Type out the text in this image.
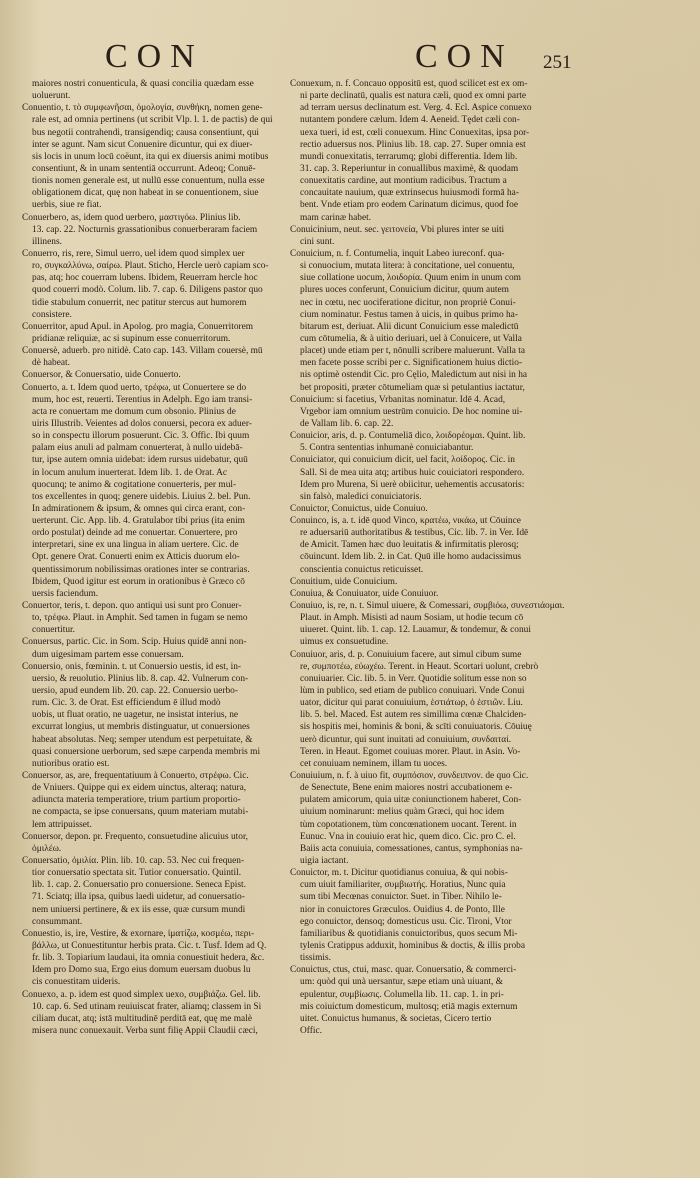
CON	CON 251

maiores nostri conuenticula, & quasi concilia quædam esse

uoluerunt.

Conuentio, t. τὸ συμφωνῆσαι, ὁμολογία, συνθήκη, nomen gene-

rale est, ad omnia pertinens (ut scribit Vlp. l. 1. de pactis) de qui

bus negotii contrahendi, transigendiq; causa consentiunt, qui

inter se agunt. Nam sicut Conuenire dicuntur, qui ex diuer-

sis locis in unum locū coëunt, ita qui ex diuersis animi motibus

consentiunt, & in unam sententiā occurrunt. Adeoq; Conuē-

tionis nomen generale est, ut nullū esse conuentum, nulla esse

obligationem dicat, quę non habeat in se conuentionem, siue

uerbis, siue re fiat.

Conuerbero, as, idem quod uerbero, μαστιγόω. Plinius lib.

13. cap. 22. Nocturnis grassationibus conuerberaram faciem

illinens.

Conuerro, ris, rere, Simul uerro, uel idem quod simplex uer

ro, συγκαλλύνω, σαίρω. Plaut. Sticho, Hercle uerò capiam sco-

pas, atq; hoc couerram lubens. Ibidem, Reuerram hercle hoc

quod couerri modò. Colum. lib. 7. cap. 6. Diligens pastor quo

tidie stabulum conuerrit, nec patitur stercus aut humorem

consistere.

Conuerritor, apud Apul. in Apolog. pro magia, Conuerritorem

pridianæ reliquiæ, ac si supinum esse conuerritorum.

Conuersè, aduerb. pro nitidè. Cato cap. 143. Villam couersè, mū

dè habeat.

Conuersor, & Conuersatio, uide Conuerto.

Conuerto, a. t. Idem quod uerto, τρέφω, ut Conuertere se do

mum, hoc est, reuerti. Terentius in Adelph. Ego iam transi-

acta re conuertam me domum cum obsonio. Plinius de

uiris Illustrib. Veientes ad dolos conuersi, pecora ex aduer-

so in conspectu illorum posuerunt. Cic. 3. Offic. Ibi quum

palam eius anuli ad palmam conuerterat, à nullo uidebā-

tur, ipse autem omnia uidebat: idem rursus uidebatur, quū

in locum anulum inuerterat. Idem lib. 1. de Orat. Ac

quocunq; te animo & cogitatione conuerteris, per mul-

tos excellentes in quoq; genere uidebis. Liuius 2. bel. Pun.

In admirationem & ipsum, & omnes qui circa erant, con-

uerterunt. Cic. App. lib. 4. Gratulabor tibi prius (ita enim

ordo postulat) deinde ad me conuertar. Conuertere, pro

interpretari, sine ex una lingua in aliam uertere. Cic. de

Opt. genere Orat. Conuerti enim ex Atticis duorum elo-

quentissimorum nobilissimas orationes inter se contrarias.

Ibidem, Quod igitur est eorum in orationibus è Græco cō

uersis faciendum.

Conuertor, teris, t. depon. quo antiqui usi sunt pro Conuer-

to, τρέφω. Plaut. in Amphit. Sed tamen in fugam se nemo

conuertitur.

Conuersus, partic. Cic. in Som. Scip. Huius quidē anni non-

dum uigesimam partem esse conuersam.

Conuersio, onis, fœminin. t. ut Conuersio uestis, id est, in-

uersio, & reuolutio. Plinius lib. 8. cap. 42. Vulnerum con-

uersio, apud eundem lib. 20. cap. 22. Conuersio uerbo-

rum. Cic. 3. de Orat. Est efficiendum ē illud modò

uobis, ut fluat oratio, ne uagetur, ne insistat interius, ne

excurrat longius, ut membris distinguatur, ut conuersiones

habeat absolutas. Neq; semper utendum est perpetuitate, &

quasi conuersione uerborum, sed sæpe carpenda membris mi

nutioribus oratio est.

Conuersor, as, are, frequentatiuum à Conuerto, στρέφω. Cic.

de Vniuers. Quippe qui ex eidem uinctus, alteraq; natura,

adiuncta materia temperatiore, trium partium proportio-

ne compacta, se ipse conuersans, quum materiam mutabi-

lem attripuisset.

Conuersor, depon. pr. Frequento, consuetudine alicuius utor,

ὁμιλέω.

Conuersatio, ὁμιλία. Plin. lib. 10. cap. 53. Nec cui frequen-

tior conuersatio spectata sit. Tutior conuersatio. Quintil.

lib. 1. cap. 2. Conuersatio pro conuersione. Seneca Epist.

71. Sciatq; illa ipsa, quibus laedi uidetur, ad conuersatio-

nem uniuersi pertinere, & ex iis esse, quæ cursum mundi

consummant.

Conuestio, is, ire, Vestire, & exornare, ἱματίζω, κοσμέω, περι-

βάλλω, ut Conuestituntur herbis prata. Cic. t. Tusf. Idem ad Q.

fr. lib. 3. Topiarium laudaui, ita omnia conuestiuit hedera, &c.

Idem pro Domo sua, Ergo eius domum euersam duobus lu

cis conuestitam uideris.

Conuexo, a. p. idem est quod simplex uexo, συμβιάζω. Gel. lib.

10. cap. 6. Sed utinam reuiuiscat frater, aliamq; classem in Si

ciliam ducat, atq; istā multitudinē perditā eat, quę me malè

misera nunc conuexauit. Verba sunt filię Appii Claudii cæci,

Conuexum, n. f. Concauo oppositū est, quod scilicet est ex om-

ni parte declinatū, qualis est natura cæli, quod ex omni parte

ad terram uersus declinatum est. Verg. 4. Ecl. Aspice conuexo

nutantem pondere cælum. Idem 4. Aeneid. Tędet cæli con-

uexa tueri, id est, cœli conuexum. Hinc Conuexitas, ipsa por-

rectio aduersus nos. Plinius lib. 18. cap. 27. Super omnia est

mundi conuexitatis, terrarumq; globi differentia. Idem lib.

31. cap. 3. Reperiuntur in conuallibus maximè, & quodam

conuexitatis cardine, aut montium radicibus. Tractum a

concauitate nauium, quæ extrinsecus huiusmodi formā ha-

bent. Vnde etiam pro eodem Carinatum dicimus, quod foe

mam carinæ habet.

Conuicinium, neut. sec. γειτονεία, Vbi plures inter se uiti

cini sunt.

Conuicium, n. f. Contumelia, inquit Labeo iureconf. qua-

si conuocium, mutata litera: à concitatione, uel conuentu,

siue collatione uocum, λοιδορία. Quum enim in unum com

plures uoces conferunt, Conuicium dicitur, quum autem

nec in cœtu, nec uociferatione dicitur, non propriè Conui-

cium nominatur. Festus tamen à uicis, in quibus primo ha-

bitarum est, deriuat. Alii dicunt Conuicium esse maledictū

cum cōtumelia, & à uitio deriuari, uel à Conuicere, ut Valla

placet) unde etiam per t, nōnulli scribere maluerunt. Valla ta

men facete posse scribi per c. Significationem huius dictio-

nis optimè ostendit Cic. pro Cęlio, Maledictum aut nisi in ha

bet propositi, præter cōtumeliam quæ si petulantius iactatur,

Conuicium: si facetius, Vrbanitas nominatur. Idē 4. Acad,

Vrgebor iam omnium uestrūm conuicio. De hoc nomine ui-

de Vallam lib. 6. cap. 22.

Conuicior, aris, d. p. Contumeliā dico, λοιδορέομαι. Quint. lib.

5. Contra sententias inhumanè conuiciabantur.

Conuiciator, qui conuicium dicit, uel facit, λοίδορος. Cic. in

Sall. Si de mea uita atq; artibus huic couiciatori respondero.

Idem pro Murena, Si uerè obiicitur, uehementis accusatoris:

sin falsò, maledici conuiciatoris.

Conuictor, Conuictus, uide Conuiuo.

Conuinco, is, a. t. idē quod Vinco, κρατέω, νικάω, ut Cōuince

re aduersariū authoritatibus & testibus, Cic. lib. 7. in Ver. Idē

de Amicit. Tamen hæc duo leuitatis & infirmitatis plerosq;

cōuincunt. Idem lib. 2. in Cat. Quū ille homo audacissimus

conscientia conuictus reticuisset.

Conuitium, uide Conuicium.

Conuiua, & Conuiuator, uide Conuiuor.

Conuiuo, is, re, n. t. Simul uiuere, & Comessari, συμβιόω, συνεστιάομαι.

Plaut. in Amph. Misisti ad naum Sosiam, ut hodie tecum cō

uiueret. Quint. lib. 1. cap. 12. Lauamur, & tondemur, & conui

uimus ex consuetudine.

Conuiuor, aris, d. p. Conuiuium facere, aut simul cibum sume

re, συμποτέω, εὐωχέω. Terent. in Heaut. Scortari uolunt, crebrò

conuiuarier. Cic. lib. 5. in Verr. Quotidie solitum esse non so

lùm in publico, sed etiam de publico conuiuari. Vnde Conui

uator, dicitur qui parat conuiuium, ἑστιάτωρ, ὁ ἑστιῶν. Liu.

lib. 5. bel. Maced. Est autem res simillima cœnæ Chalciden-

sis hospitis mei, hominis & boni, & scīti conuiuatoris. Cōuiuę

uerò dicuntur, qui sunt inuitati ad conuiuium, συνδαιταί.

Teren. in Heaut. Egomet couiuas morer. Plaut. in Asin. Vo-

cet conuiuam neminem, illam tu uoces.

Conuiuium, n. f. à uiuo fit, συμπόσιον, συνδειπνον. de quo Cic.

de Senectute, Bene enim maiores nostri accubationem e-

pulatem amicorum, quia uitæ coniunctionem haberet, Con-

uiuium nominarunt: melius quàm Græci, qui hoc idem

tùm copotationem, tùm concœnationem uocant. Terent. in

Eunuc. Vna in couiuio erat hic, quem dico. Cic. pro C. el.

Baiis acta conuiuia, comessationes, cantus, symphonias na-

uigia iactant.

Conuictor, m. t. Dicitur quotidianus conuiua, & qui nobis-

cum uiuit familiariter, συμβιωτής. Horatius, Nunc quia

sum tibi Mecœnas conuictor. Suet. in Tiber. Nihilo le-

nior in conuictores Græculos. Ouidius 4. de Ponto, Ille

ego conuictor, densoq; domesticus usu. Cic. Tironi, Vtor

familiaribus & quotidianis conuictoribus, quos secum Mi-

tylenis Cratippus adduxit, hominibus & doctis, & illis proba

tissimis.

Conuictus, ctus, ctui, masc. quar. Conuersatio, & commerci-

um: quòd qui unà uersantur, sæpe etiam unà uiuant, &

epulentur, συμβίωσις. Columella lib. 11. cap. 1. in pri-

mis coiuictum domesticum, multosq; etiā magis externum

uitet. Conuictus humanus, & societas, Cicero tertio

Offic.
